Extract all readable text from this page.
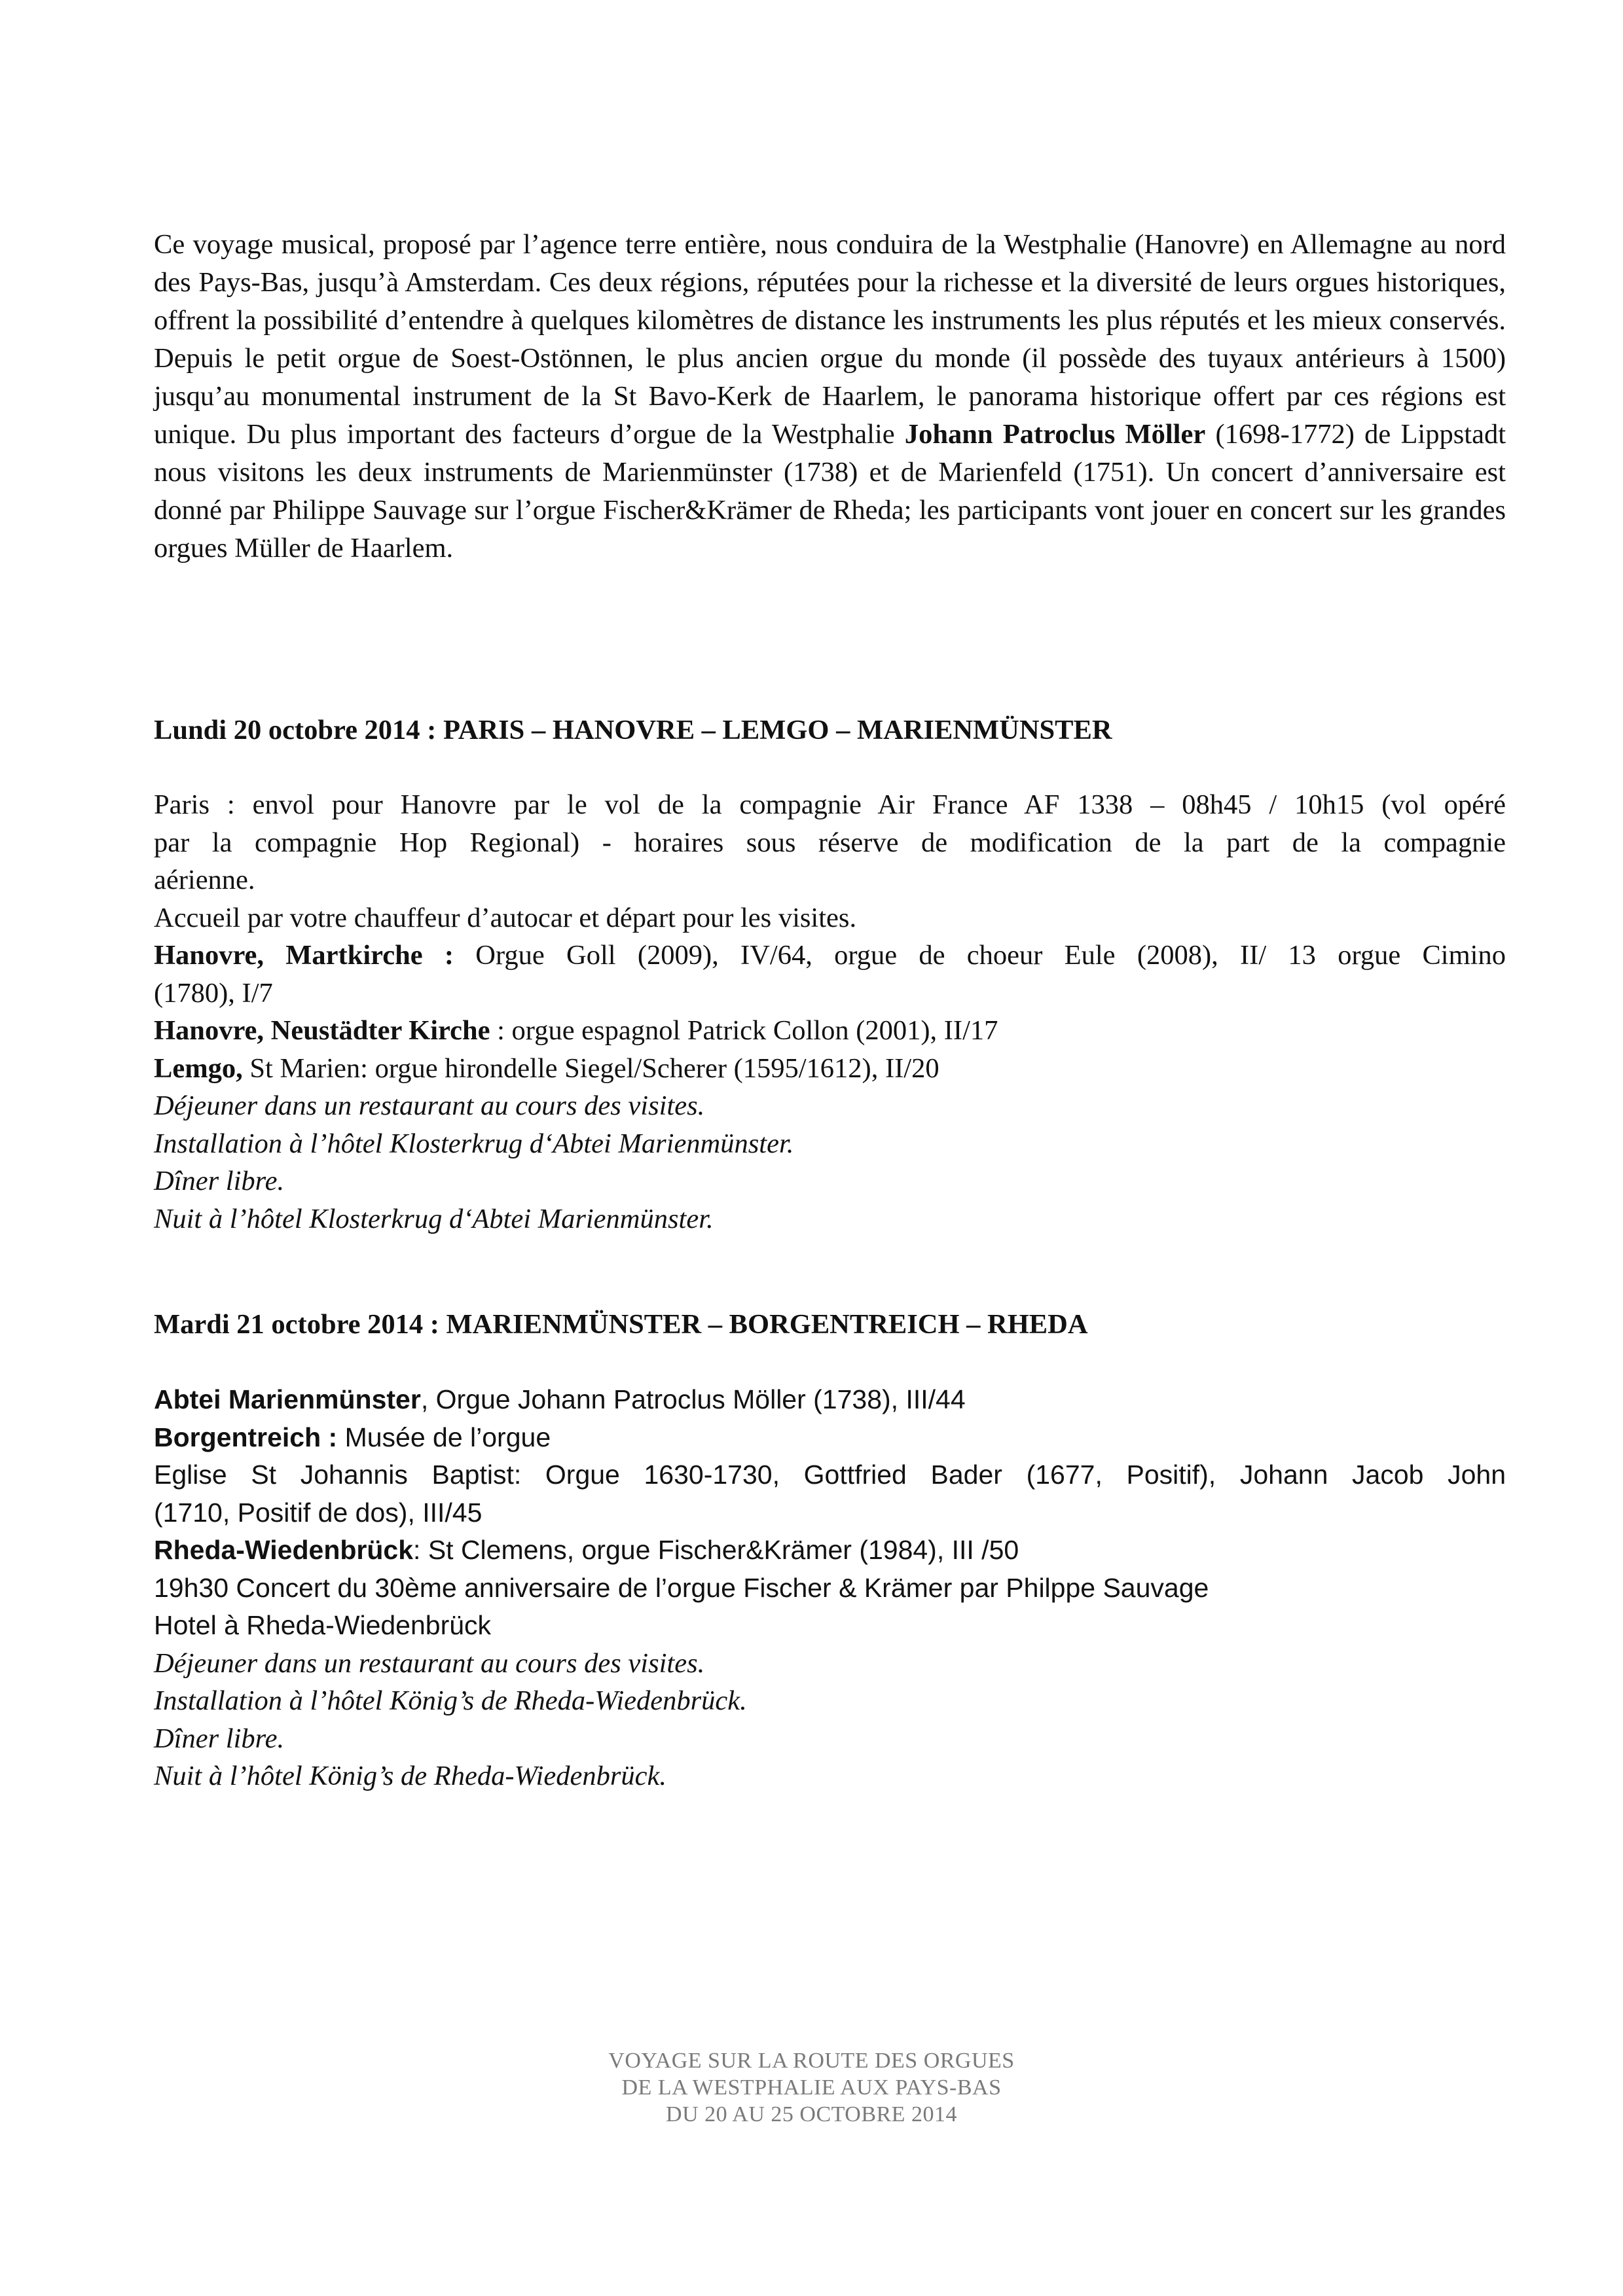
Ce voyage musical, proposé par l’agence terre entière, nous conduira de la Westphalie (Hanovre) en Allemagne au nord des Pays-Bas, jusqu’à Amsterdam. Ces deux régions, réputées pour la richesse et la diversité de leurs orgues historiques, offrent la possibilité d’entendre à quelques kilomètres de distance les instruments les plus réputés et les mieux conservés. Depuis le petit orgue de Soest-Ostönnen, le plus ancien orgue du monde (il possède des tuyaux antérieurs à 1500) jusqu’au monumental instrument de la St Bavo-Kerk de Haarlem, le panorama historique offert par ces régions est unique. Du plus important des facteurs d’orgue de la Westphalie Johann Patroclus Möller (1698-1772) de Lippstadt nous visitons les deux instruments de Marienmünster (1738) et de Marienfeld (1751). Un concert d’anniversaire est donné par Philippe Sauvage sur l’orgue Fischer&Krämer de Rheda; les participants vont jouer en concert sur les grandes orgues Müller de Haarlem.

Lundi 20 octobre 2014 : PARIS – HANOVRE – LEMGO – MARIENMÜNSTER

Paris : envol pour Hanovre par le vol de la compagnie Air France AF 1338 – 08h45 / 10h15 (vol opéré

par la compagnie Hop Regional) - horaires sous réserve de modification de la part de la compagnie

aérienne.

Accueil par votre chauffeur d’autocar et départ pour les visites.

Hanovre, Martkirche : Orgue Goll (2009), IV/64, orgue de choeur Eule (2008), II/ 13 orgue Cimino

(1780), I/7

Hanovre, Neustädter Kirche : orgue espagnol Patrick Collon (2001), II/17

Lemgo, St Marien: orgue hirondelle Siegel/Scherer (1595/1612), II/20

Déjeuner dans un restaurant au cours des visites.

Installation à l’hôtel Klosterkrug d‘Abtei Marienmünster.

Dîner libre.

Nuit à l’hôtel Klosterkrug d‘Abtei Marienmünster.

Mardi 21 octobre 2014 : MARIENMÜNSTER – BORGENTREICH – RHEDA

Abtei Marienmünster, Orgue Johann Patroclus Möller (1738), III/44

Borgentreich : Musée de l’orgue

Eglise St Johannis Baptist: Orgue 1630-1730, Gottfried Bader (1677, Positif), Johann Jacob John

(1710, Positif de dos), III/45

Rheda-Wiedenbrück: St Clemens, orgue Fischer&Krämer (1984), III /50

19h30 Concert du 30ème anniversaire de l’orgue Fischer & Krämer par Philppe Sauvage

Hotel à Rheda-Wiedenbrück

Déjeuner dans un restaurant au cours des visites.

Installation à l’hôtel König’s de Rheda-Wiedenbrück.

Dîner libre.

Nuit à l’hôtel König’s de Rheda-Wiedenbrück.

VOYAGE SUR LA ROUTE DES ORGUES
DE LA WESTPHALIE AUX PAYS-BAS
DU 20 AU 25 OCTOBRE 2014
